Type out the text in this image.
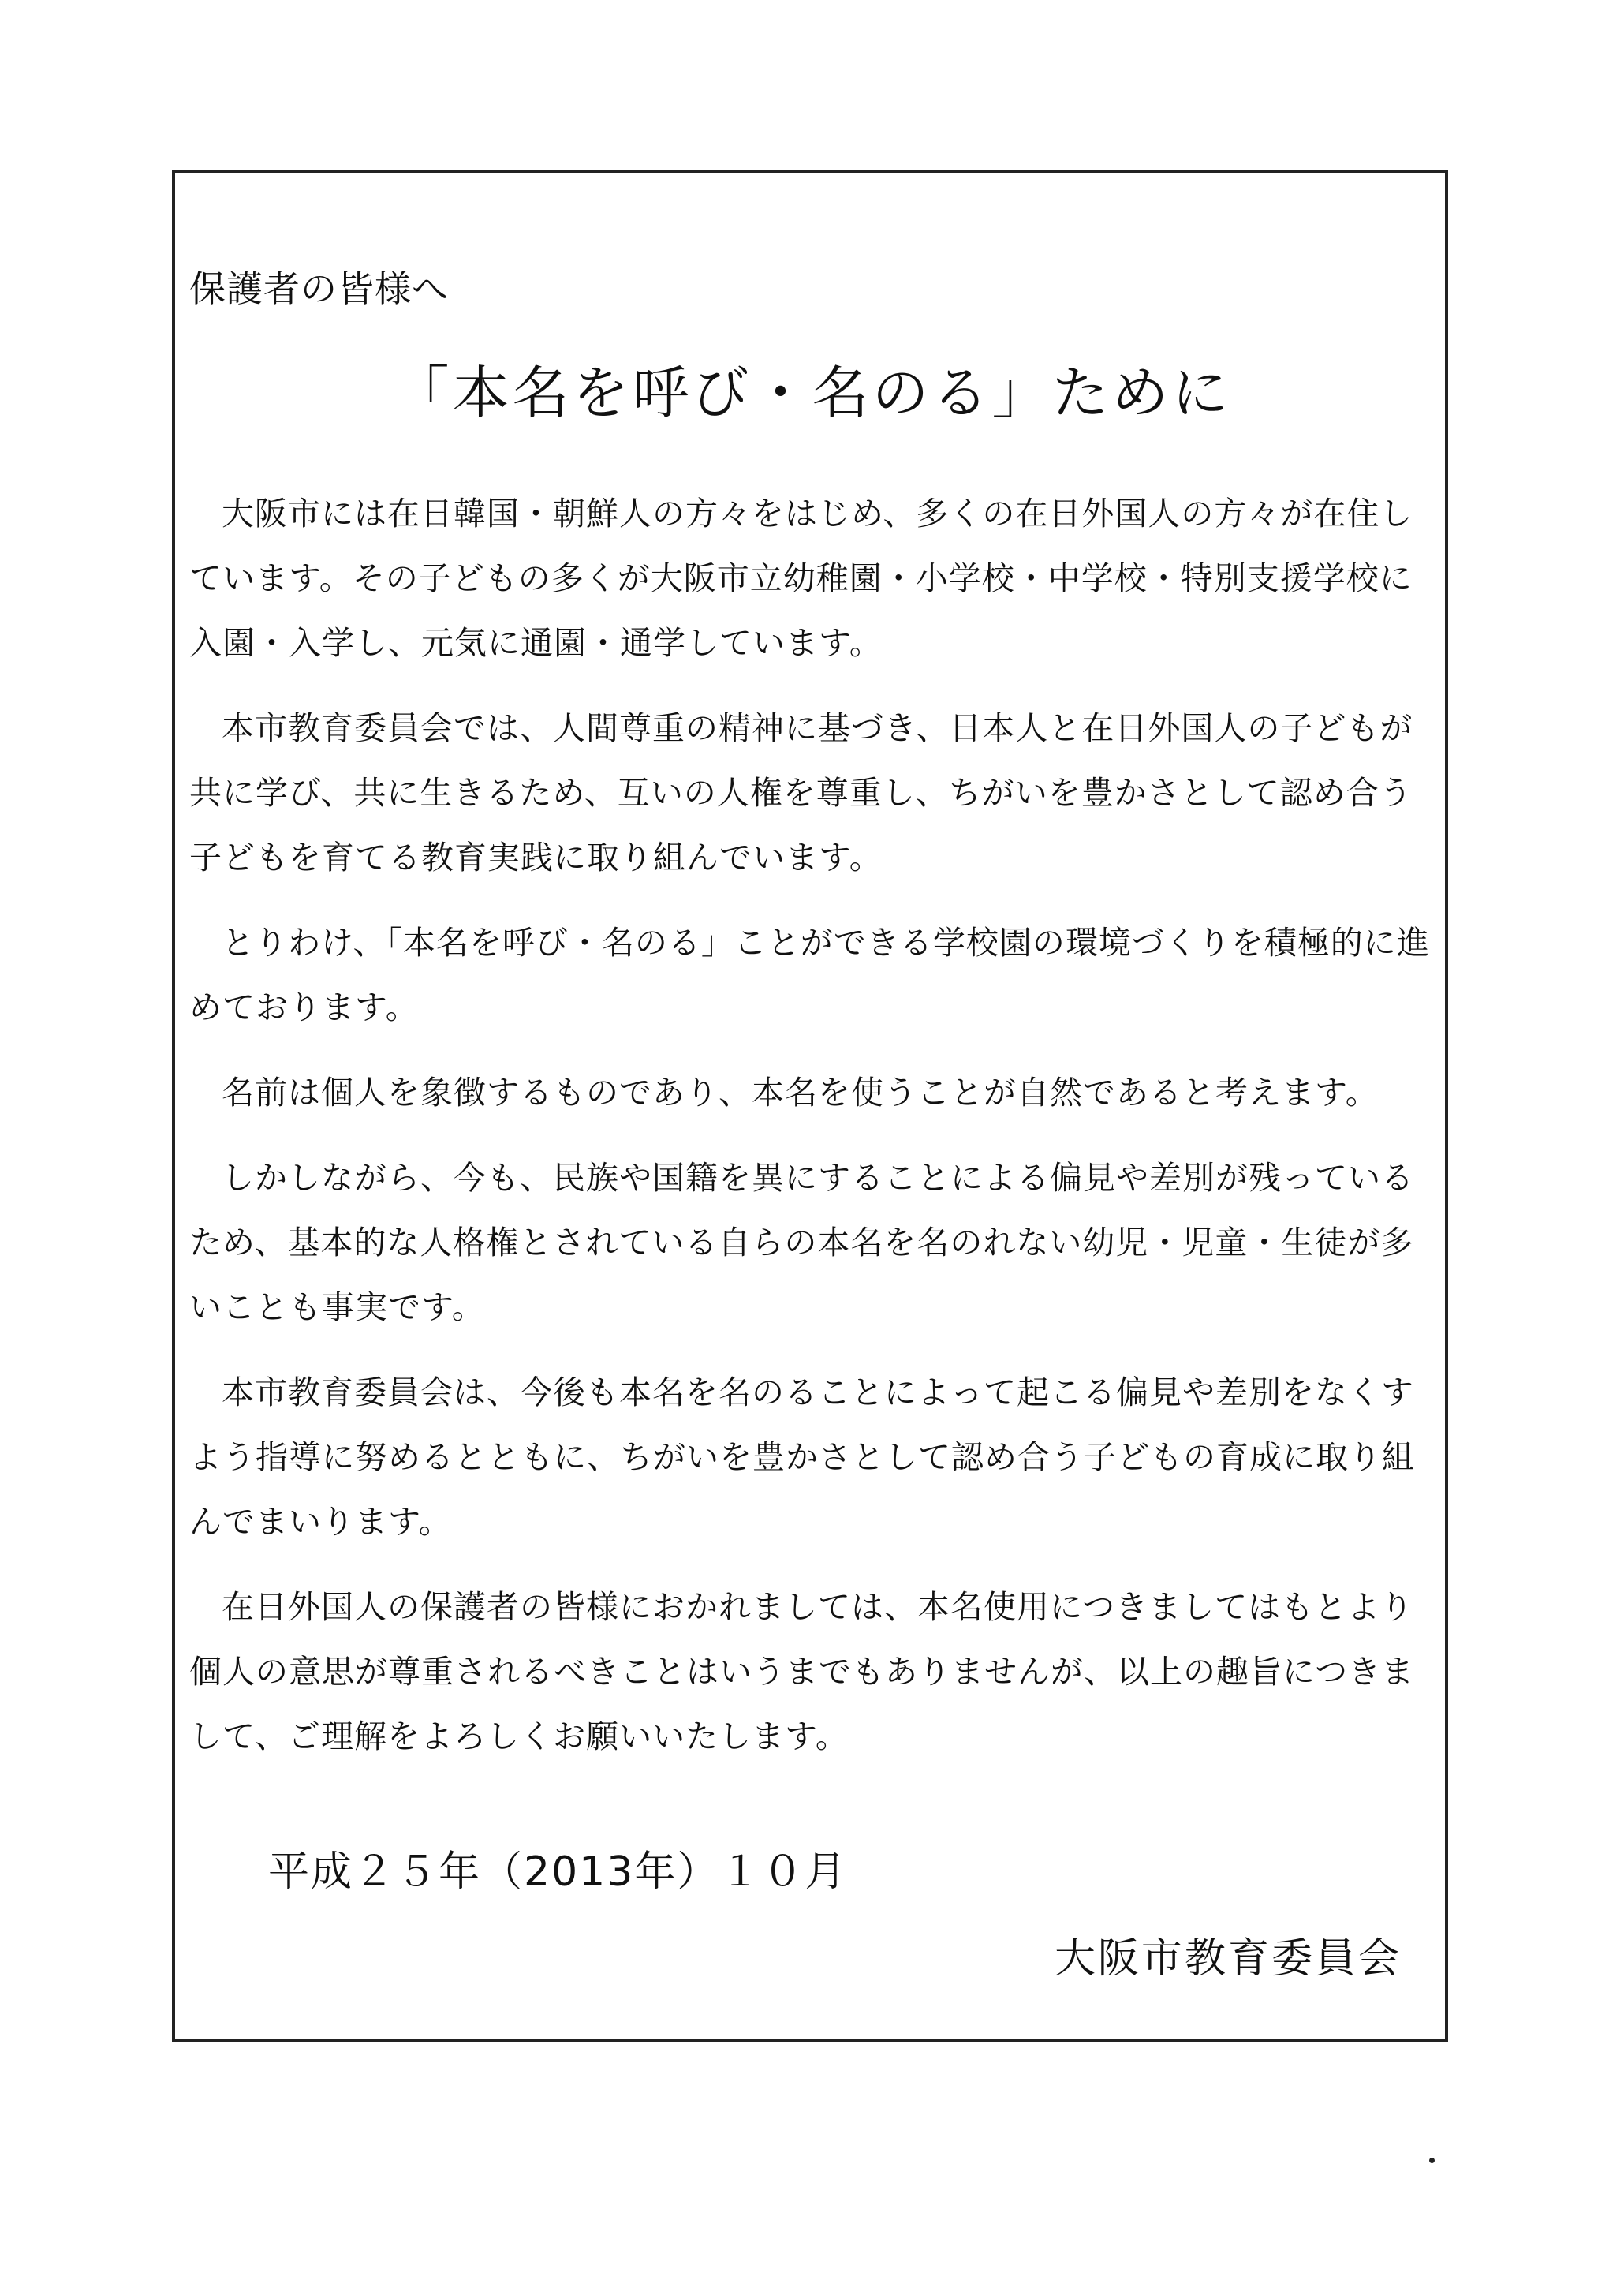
保護者の皆様へ
「本名を呼び・名のる」ために

大阪市には在日韓国・朝鮮人の方々をはじめ、多くの在日外国人の方々が在住しています。その子どもの多くが大阪市立幼稚園・小学校・中学校・特別支援学校に入園・入学し、元気に通園・通学しています。

本市教育委員会では、人間尊重の精神に基づき、日本人と在日外国人の子どもが共に学び、共に生きるため、互いの人権を尊重し、ちがいを豊かさとして認め合う子どもを育てる教育実践に取り組んでいます。

とりわけ、「本名を呼び・名のる」ことができる学校園の環境づくりを積極的に進めております。

名前は個人を象徴するものであり、本名を使うことが自然であると考えます。

しかしながら、今も、民族や国籍を異にすることによる偏見や差別が残っているため、基本的な人格権とされている自らの本名を名のれない幼児・児童・生徒が多いことも事実です。

本市教育委員会は、今後も本名を名のることによって起こる偏見や差別をなくすよう指導に努めるとともに、ちがいを豊かさとして認め合う子どもの育成に取り組んでまいります。

在日外国人の保護者の皆様におかれましては、本名使用につきましてはもとより個人の意思が尊重されるべきことはいうまでもありませんが、以上の趣旨につきまして、ご理解をよろしくお願いいたします。

平成２５年（2013年）１０月
大阪市教育委員会
